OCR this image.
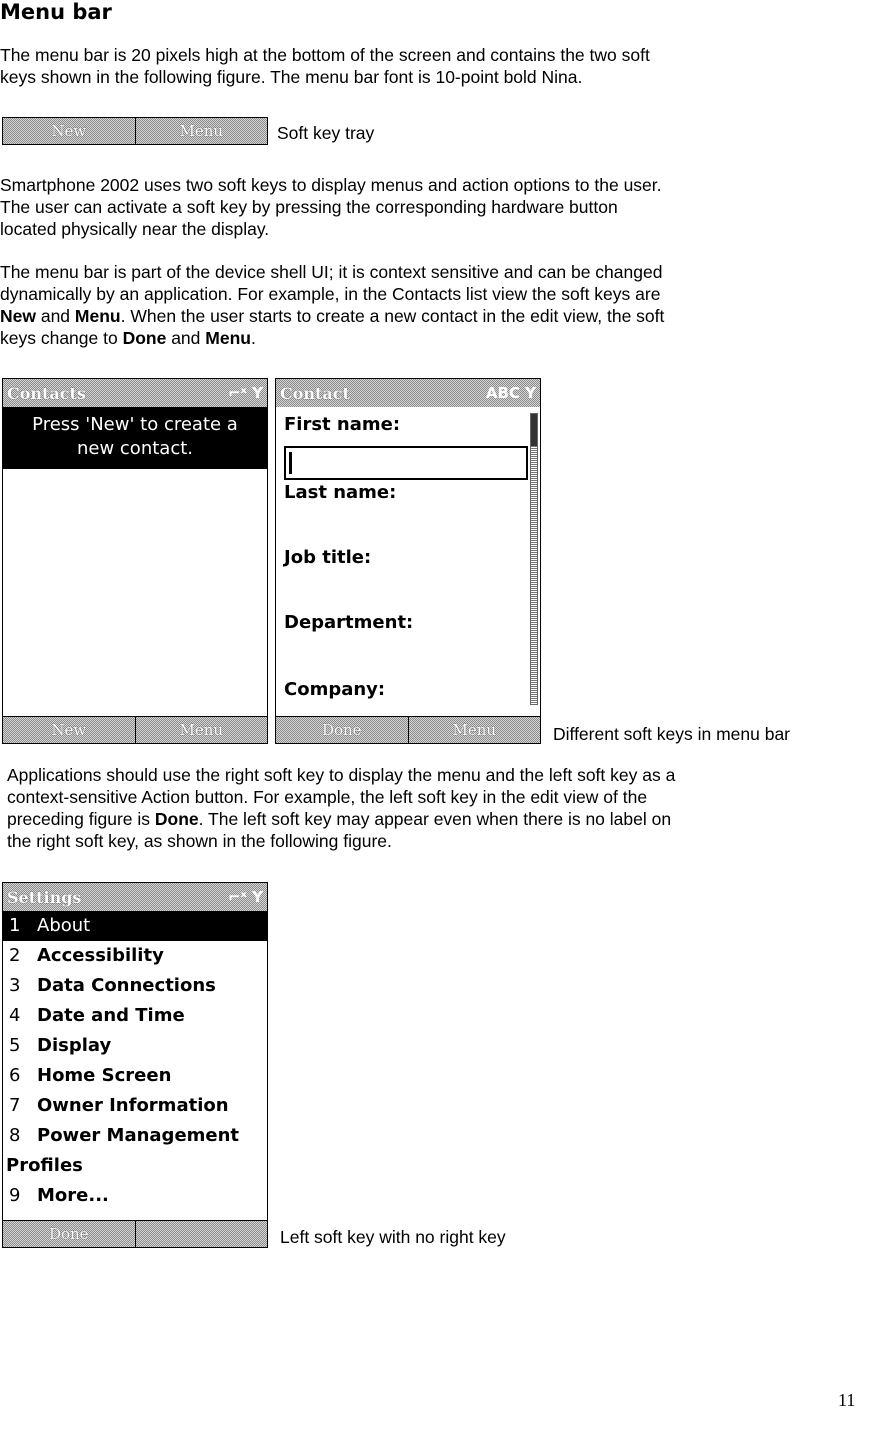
Menu bar
The menu bar is 20 pixels high at the bottom of the screen and contains the two soft
keys shown in the following figure. The menu bar font is 10-point bold Nina.
New	Menu	Soft key tray
Smartphone 2002 uses two soft keys to display menus and action options to the user.
The user can activate a soft key by pressing the corresponding hardware button
located physically near the display.
The menu bar is part of the device shell UI; it is context sensitive and can be changed
dynamically by an application. For example, in the Contacts list view the soft keys are
New and Menu. When the user starts to create a new contact in the edit view, the soft
keys change to Done and Menu.
Contacts	⌐ˣ Y
Press 'New' to create a
new contact.
New	Menu
Contact	ABC Y
First name:
Last name:
Job title:
Department:
Company:
Done	Menu	Different soft keys in menu bar
Applications should use the right soft key to display the menu and the left soft key as a
context-sensitive Action button. For example, the left soft key in the edit view of the
preceding figure is Done. The left soft key may appear even when there is no label on
the right soft key, as shown in the following figure.
Settings	⌐ˣ Y
1 About
2 Accessibility
3 Data Connections
4 Date and Time
5 Display
6 Home Screen
7 Owner Information
8 Power Management
Profiles
9 More...
Done	Left soft key with no right key
11
